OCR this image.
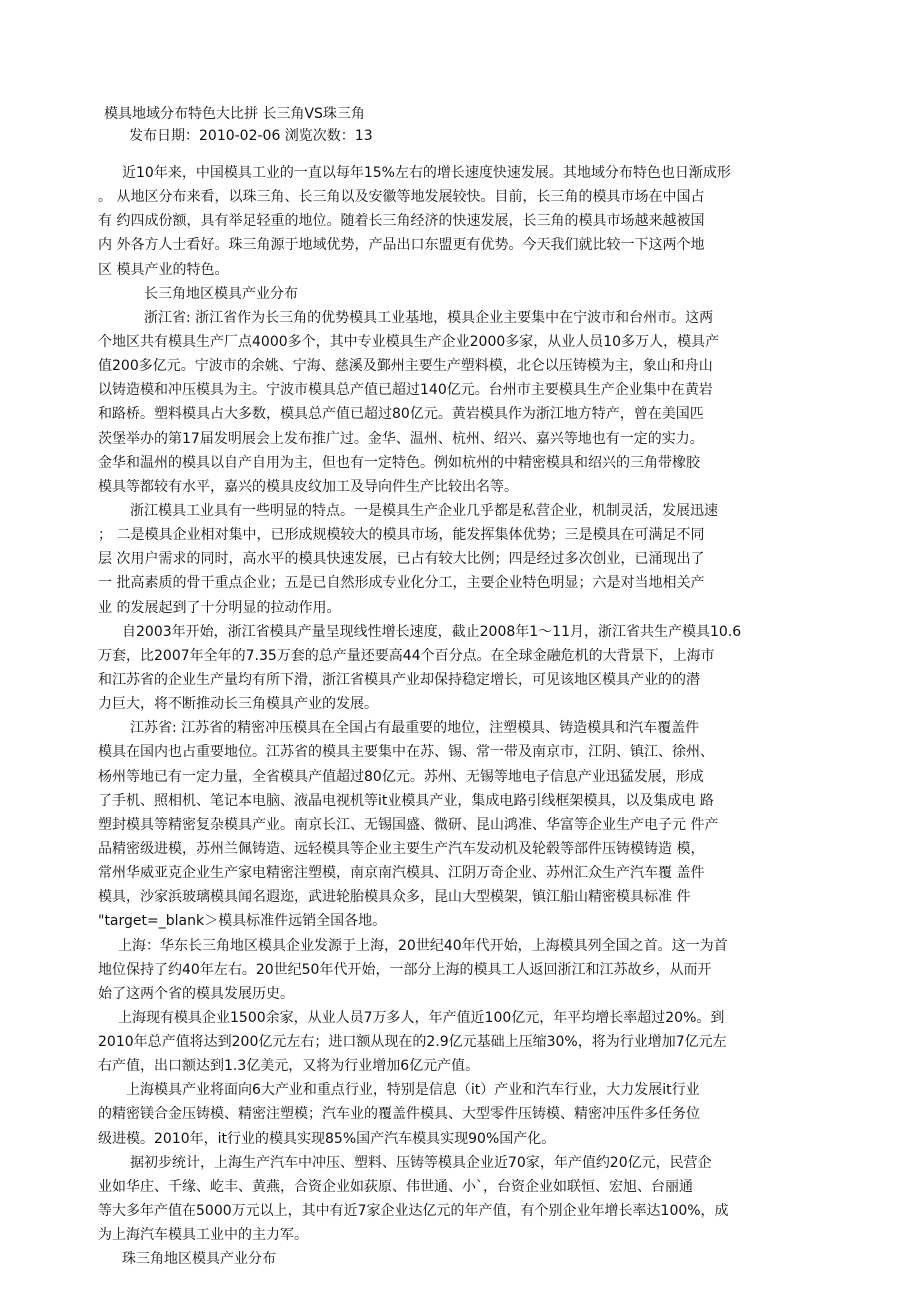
模具地域分布特色大比拼 长三角VS珠三角
发布日期：2010-02-06 浏览次数：13
近10年来，中国模具工业的一直以每年15%左右的增长速度快速发展。其地域分布特色也日渐成形
。 从地区分布来看，以珠三角、长三角以及安徽等地发展较快。目前，长三角的模具市场在中国占
有 约四成份额，具有举足轻重的地位。随着长三角经济的快速发展，长三角的模具市场越来越被国
内 外各方人士看好。珠三角源于地域优势，产品出口东盟更有优势。今天我们就比较一下这两个地
区 模具产业的特色。
长三角地区模具产业分布
浙江省: 浙江省作为长三角的优势模具工业基地，模具企业主要集中在宁波市和台州市。这两
个地区共有模具生产厂点4000多个，其中专业模具生产企业2000多家，从业人员10多万人，模具产
值200多亿元。宁波市的余姚、宁海、慈溪及鄞州主要生产塑料模，北仑以压铸模为主，象山和舟山
以铸造模和冲压模具为主。宁波市模具总产值已超过140亿元。台州市主要模具生产企业集中在黄岩
和路桥。塑料模具占大多数，模具总产值已超过80亿元。黄岩模具作为浙江地方特产，曾在美国匹
茨堡举办的第17届发明展会上发布推广过。金华、温州、杭州、绍兴、嘉兴等地也有一定的实力。
金华和温州的模具以自产自用为主，但也有一定特色。例如杭州的中精密模具和绍兴的三角带橡胶
模具等都较有水平，嘉兴的模具皮纹加工及导向件生产比较出名等。
浙江模具工业具有一些明显的特点。一是模具生产企业几乎都是私营企业，机制灵活，发展迅速
； 二是模具企业相对集中，已形成规模较大的模具市场，能发挥集体优势；三是模具在可满足不同
层 次用户需求的同时，高水平的模具快速发展，已占有较大比例；四是经过多次创业，已涌现出了
一 批高素质的骨干重点企业；五是已自然形成专业化分工，主要企业特色明显；六是对当地相关产
业 的发展起到了十分明显的拉动作用。
自2003年开始，浙江省模具产量呈现线性增长速度，截止2008年1～11月，浙江省共生产模具10.6
万套，比2007年全年的7.35万套的总产量还要高44个百分点。在全球金融危机的大背景下，上海市
和江苏省的企业生产量均有所下滑，浙江省模具产业却保持稳定增长，可见该地区模具产业的的潜
力巨大，将不断推动长三角模具产业的发展。
江苏省: 江苏省的精密冲压模具在全国占有最重要的地位，注塑模具、铸造模具和汽车覆盖件
模具在国内也占重要地位。江苏省的模具主要集中在苏、锡、常一带及南京市，江阴、镇江、徐州、
杨州等地已有一定力量，全省模具产值超过80亿元。苏州、无锡等地电子信息产业迅猛发展，形成
了手机、照相机、笔记本电脑、液晶电视机等it业模具产业，集成电路引线框架模具，以及集成电 路
塑封模具等精密复杂模具产业。南京长江、无锡国盛、微研、昆山鸿准、华富等企业生产电子元 件产
品精密级进模，苏州兰佩铸造、远轻模具等企业主要生产汽车发动机及轮毂等部件压铸模铸造 模，
常州华威亚克企业生产家电精密注塑模，南京南汽模具、江阴万奇企业、苏州汇众生产汽车覆 盖件
模具，沙家浜玻璃模具闻名遐迩，武进轮胎模具众多，昆山大型模架，镇江船山精密模具标准 件
"target=_blank＞模具标准件远销全国各地。
上海：华东长三角地区模具企业发源于上海，20世纪40年代开始，上海模具列全国之首。这一为首
地位保持了约40年左右。20世纪50年代开始，一部分上海的模具工人返回浙江和江苏故乡，从而开
始了这两个省的模具发展历史。
上海现有模具企业1500余家，从业人员7万多人，年产值近100亿元，年平均增长率超过20%。到
2010年总产值将达到200亿元左右；进口额从现在的2.9亿元基础上压缩30%，将为行业增加7亿元左
右产值，出口额达到1.3亿美元，又将为行业增加6亿元产值。
上海模具产业将面向6大产业和重点行业，特别是信息（it）产业和汽车行业，大力发展it行业
的精密镁合金压铸模、精密注塑模；汽车业的覆盖件模具、大型零件压铸模、精密冲压件多任务位
级进模。2010年，it行业的模具实现85%国产汽车模具实现90%国产化。
据初步统计，上海生产汽车中冲压、塑料、压铸等模具企业近70家，年产值约20亿元，民营企
业如华庄、千缘、屹丰、黄燕，合资企业如荻原、伟世通、小`，台资企业如联恒、宏旭、台丽通
等大多年产值在5000万元以上，其中有近7家企业达亿元的年产值，有个别企业年增长率达100%，成
为上海汽车模具工业中的主力军。
珠三角地区模具产业分布
